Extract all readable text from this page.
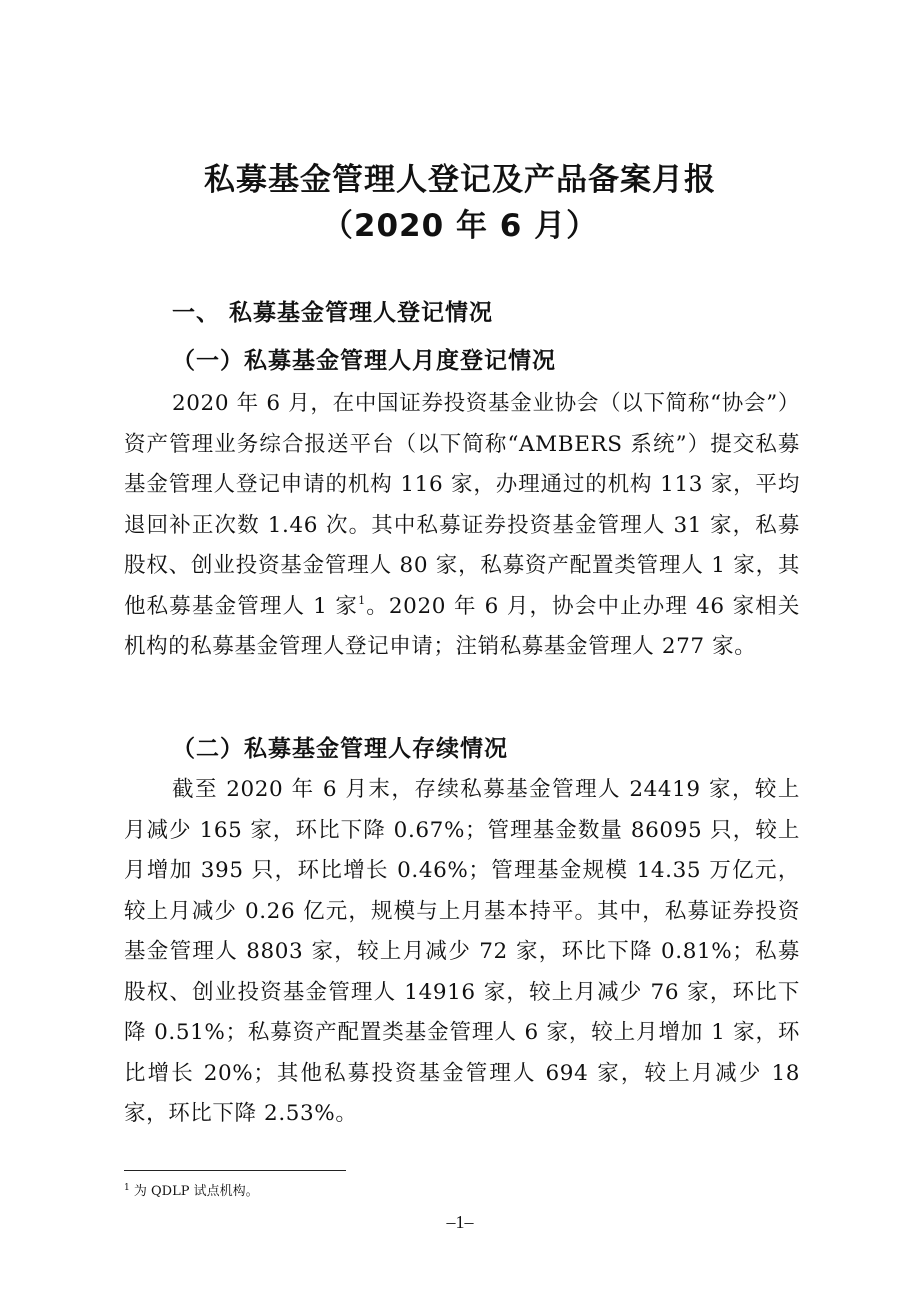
私募基金管理人登记及产品备案月报
（2020 年 6 月）
一、 私募基金管理人登记情况
（一）私募基金管理人月度登记情况
2020 年 6 月，在中国证券投资基金业协会（以下简称“协会”）资产管理业务综合报送平台（以下简称“AMBERS 系统”）提交私募基金管理人登记申请的机构 116 家，办理通过的机构 113 家，平均退回补正次数 1.46 次。其中私募证券投资基金管理人 31 家，私募股权、创业投资基金管理人 80 家，私募资产配置类管理人 1 家，其他私募基金管理人 1 家$^1$。2020 年 6 月，协会中止办理 46 家相关机构的私募基金管理人登记申请；注销私募基金管理人 277 家。
（二）私募基金管理人存续情况
截至 2020 年 6 月末，存续私募基金管理人 24419 家，较上月减少 165 家，环比下降 0.67%；管理基金数量 86095 只，较上月增加 395 只，环比增长 0.46%；管理基金规模 14.35 万亿元，较上月减少 0.26 亿元，规模与上月基本持平。其中，私募证券投资基金管理人 8803 家，较上月减少 72 家，环比下降 0.81%；私募股权、创业投资基金管理人 14916 家，较上月减少 76 家，环比下降 0.51%；私募资产配置类基金管理人 6 家，较上月增加 1 家，环比增长 20%；其他私募投资基金管理人 694 家，较上月减少 18 家，环比下降 2.53%。
$^1$ 为 QDLP 试点机构。
–1–
